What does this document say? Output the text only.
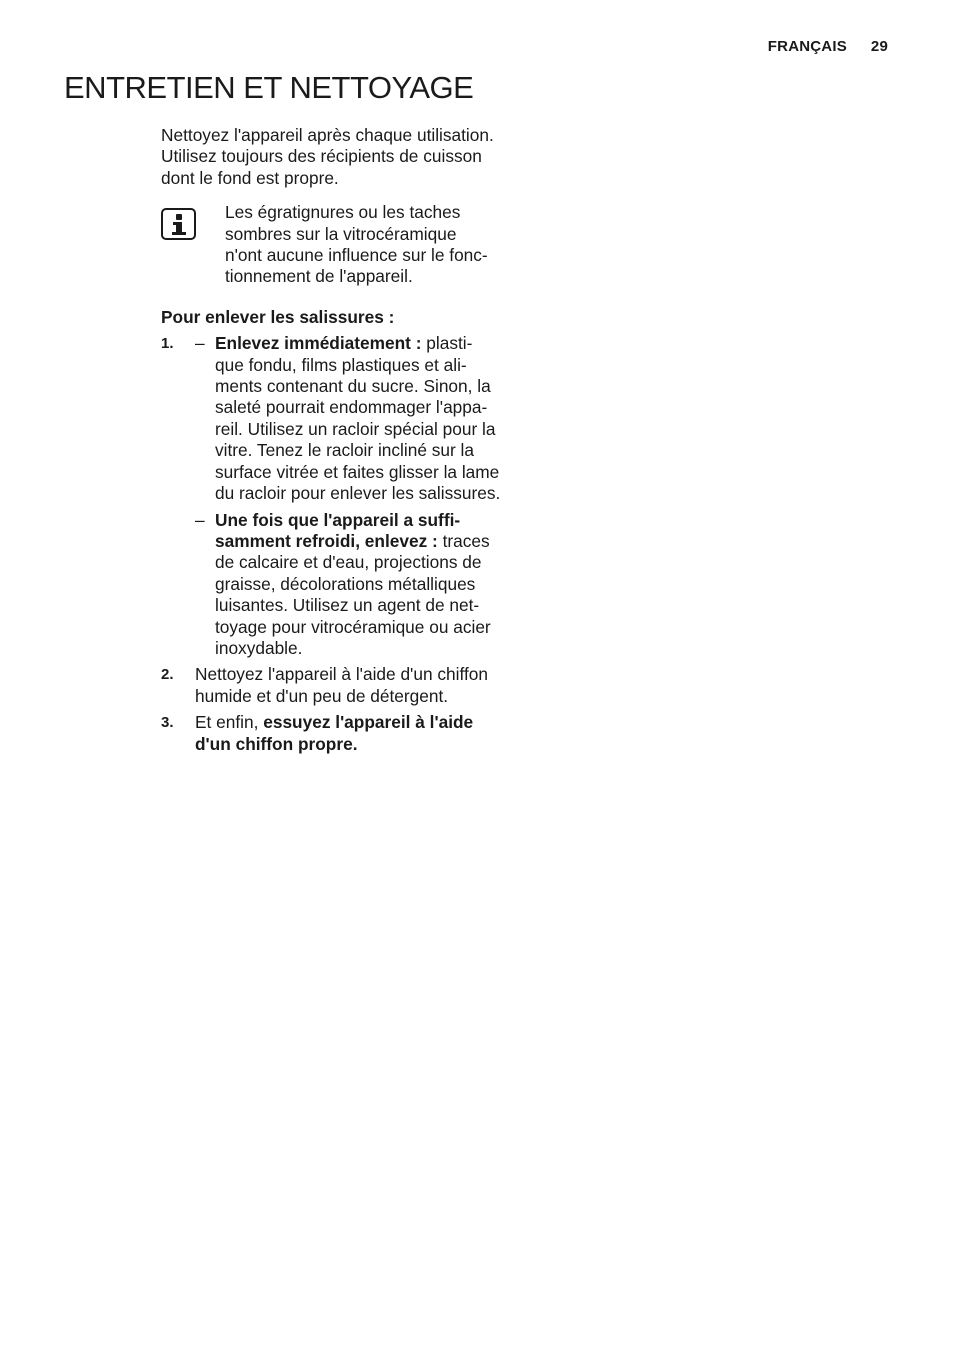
FRANÇAIS 29
ENTRETIEN ET NETTOYAGE
Nettoyez l'appareil après chaque utilisation.
Utilisez toujours des récipients de cuisson
dont le fond est propre.
Les égratignures ou les taches
sombres sur la vitrocéramique
n'ont aucune influence sur le fonc-
tionnement de l'appareil.
Pour enlever les salissures :
1. – Enlevez immédiatement : plasti-
que fondu, films plastiques et ali-
ments contenant du sucre. Sinon, la
saleté pourrait endommager l'appa-
reil. Utilisez un racloir spécial pour la
vitre. Tenez le racloir incliné sur la
surface vitrée et faites glisser la lame
du racloir pour enlever les salissures.
– Une fois que l'appareil a suffi-
samment refroidi, enlevez : traces
de calcaire et d'eau, projections de
graisse, décolorations métalliques
luisantes. Utilisez un agent de net-
toyage pour vitrocéramique ou acier
inoxydable.
2. Nettoyez l'appareil à l'aide d'un chiffon
humide et d'un peu de détergent.
3. Et enfin, essuyez l'appareil à l'aide
d'un chiffon propre.
